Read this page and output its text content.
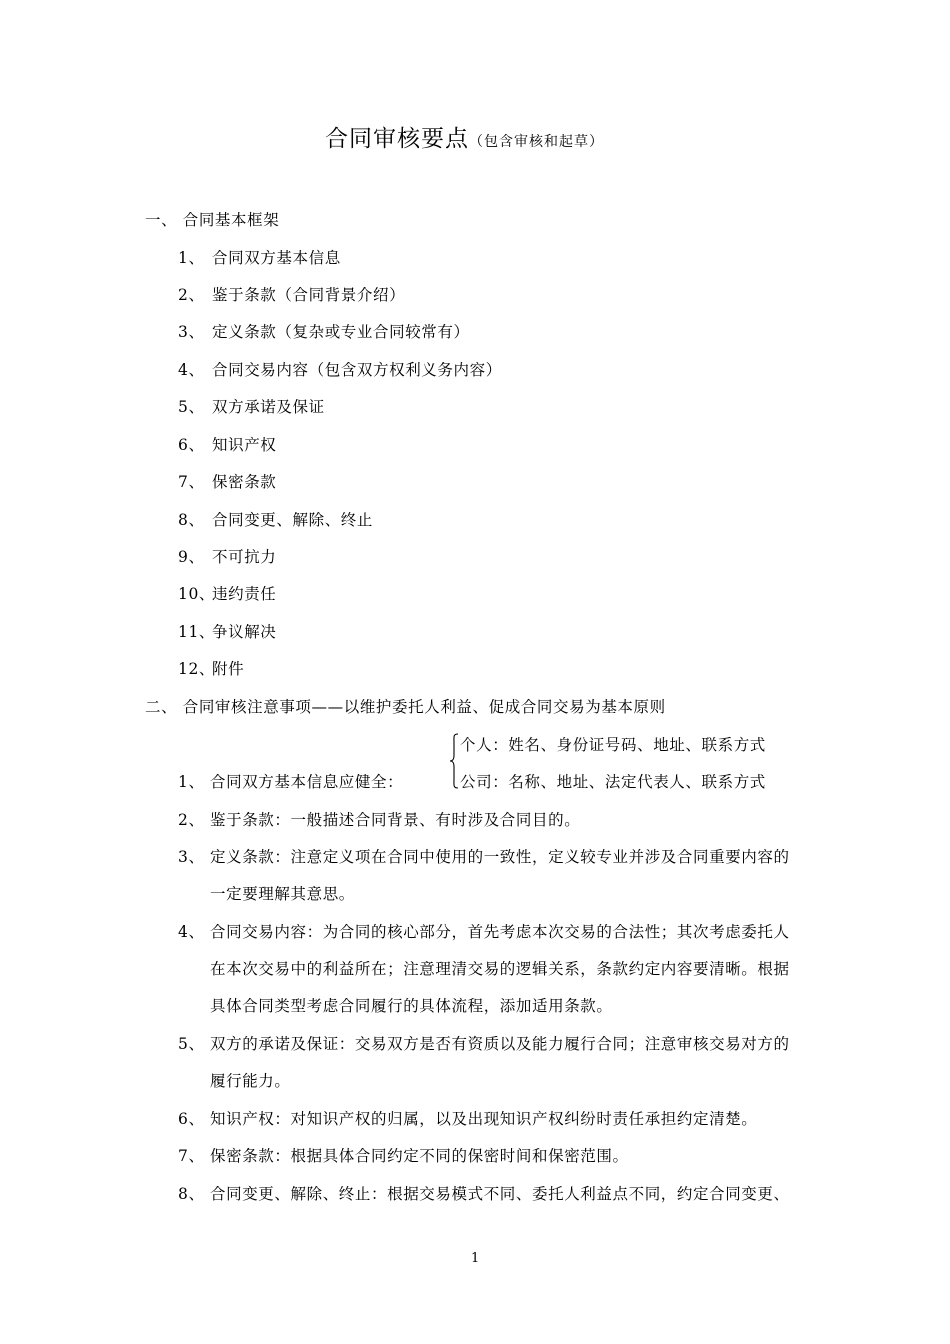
合同审核要点（包含审核和起草）
一、 合同基本框架
1、 合同双方基本信息
2、 鉴于条款（合同背景介绍）
3、 定义条款（复杂或专业合同较常有）
4、 合同交易内容（包含双方权利义务内容）
5、 双方承诺及保证
6、 知识产权
7、 保密条款
8、 合同变更、解除、终止
9、 不可抗力
10、
违约责任
11、
争议解决
12、
附件
二、 合同审核注意事项——以维护委托人利益、促成合同交易为基本原则
1、 合同双方基本信息应健全：
个人：姓名、身份证号码、地址、联系方式
公司：名称、地址、法定代表人、联系方式
2、 鉴于条款：一般描述合同背景、有时涉及合同目的。
3、 定义条款：注意定义项在合同中使用的一致性，定义较专业并涉及合同重要内容的
一定要理解其意思。
4、 合同交易内容：为合同的核心部分，首先考虑本次交易的合法性；其次考虑委托人
在本次交易中的利益所在；注意理清交易的逻辑关系，条款约定内容要清晰。根据
具体合同类型考虑合同履行的具体流程，添加适用条款。
5、 双方的承诺及保证：交易双方是否有资质以及能力履行合同；注意审核交易对方的
履行能力。
6、 知识产权：对知识产权的归属，以及出现知识产权纠纷时责任承担约定清楚。
7、 保密条款：根据具体合同约定不同的保密时间和保密范围。
8、 合同变更、解除、终止：根据交易模式不同、委托人利益点不同，约定合同变更、
1
